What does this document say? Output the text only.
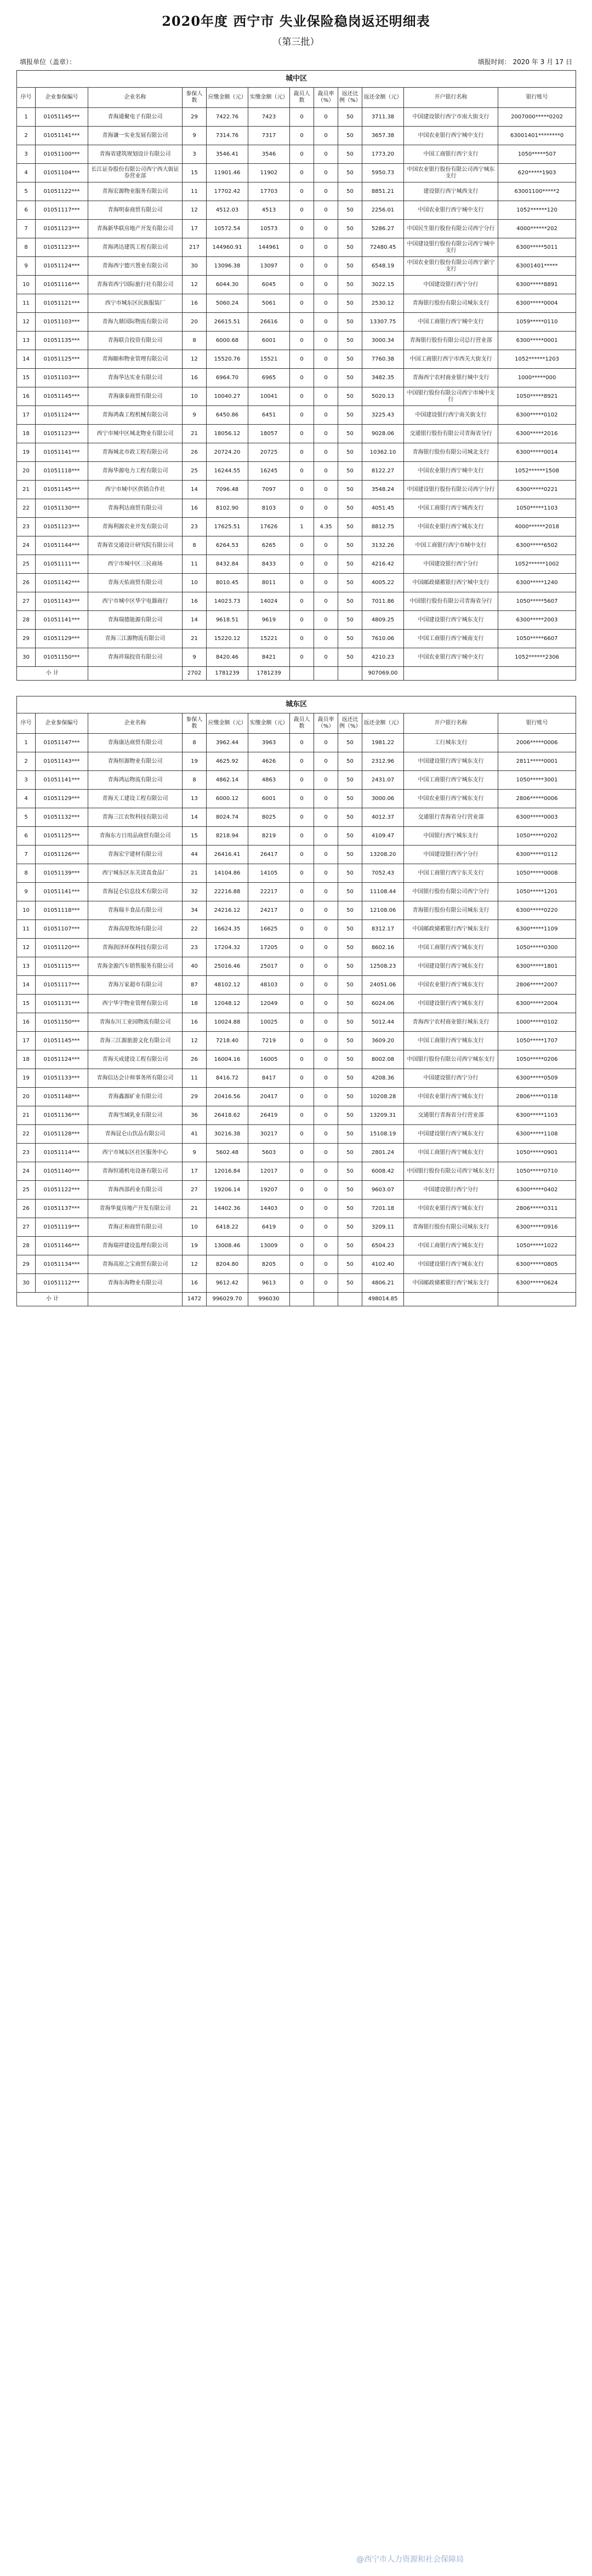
2020年度 西宁市 失业保险稳岗返还明细表
（第三批）
填报单位（盖章）：	填报时间： 2020 年 3 月 17 日
城中区											
序号	企业参保编号	企业名称	参保人数	应缴金额（元）	实缴金额（元）	裁员人数	裁员率（%）	返还比例（%）	返还金额（元）	开户银行名称	银行账号
1	01051145***	青海通聚电子有限公司	29	7422.76	7423	0	0	50	3711.38	中国建设银行西宁市南大街支行	2007000*****0202
2	01051141***	青海谦一实业发展有限公司	9	7314.76	7317	0	0	50	3657.38	中国农业银行西宁城中支行	63001401********0
3	01051100***	青海省建筑规划设计有限公司	3	3546.41	3546	0	0	50	1773.20	中国工商银行西宁支行	1050*****507
4	01051104***	长江证券股份有限公司西宁西大街证券营业部	15	11901.46	11902	0	0	50	5950.73	中国农业银行股份有限公司西宁城东支行	620*****1903
5	01051122***	青海宏源物业服务有限公司	11	17702.42	17703	0	0	50	8851.21	建设银行西宁城西支行	63001100*****2
6	01051117***	青海明泰商贸有限公司	12	4512.03	4513	0	0	50	2256.01	中国农业银行西宁城中支行	1052******120
7	01051123***	青海新华联房地产开发有限公司	17	10572.54	10573	0	0	50	5286.27	中国民生银行股份有限公司西宁分行	4000******202
8	01051123***	青海鸿达建筑工程有限公司	217	144960.91	144961	0	0	50	72480.45	中国建设银行股份有限公司西宁城中支行	6300*****5011
9	01051124***	青海西宁德兴置业有限公司	30	13096.38	13097	0	0	50	6548.19	中国农业银行股份有限公司西宁新宁支行	63001401*****
10	01051116***	青海省西宁国际旅行社有限公司	12	6044.30	6045	0	0	50	3022.15	中国建设银行西宁分行	6300*****8891
11	01051121***	西宁市城东区民族服装厂	16	5060.24	5061	0	0	50	2530.12	青海银行股份有限公司城东支行	6300*****0004
12	01051103***	青海九鼎国际物流有限公司	20	26615.51	26616	0	0	50	13307.75	中国工商银行西宁城中支行	1059*****0110
13	01051135***	青海联合投资有限公司	8	6000.68	6001	0	0	50	3000.34	青海银行股份有限公司总行营业部	6300*****0001
14	01051125***	青海颐和物业管理有限公司	12	15520.76	15521	0	0	50	7760.38	中国工商银行西宁市西关大街支行	1052******1203
15	01051103***	青海华达实业有限公司	16	6964.70	6965	0	0	50	3482.35	青海西宁农村商业银行城中支行	1000*****000
16	01051145***	青海康泰商贸有限公司	10	10040.27	10041	0	0	50	5020.13	中国银行股份有限公司西宁市城中支行	1050*****8921
17	01051124***	青海鸿森工程机械有限公司	9	6450.86	6451	0	0	50	3225.43	中国建设银行西宁南关街支行	6300*****0102
18	01051123***	西宁市城中区城北物业有限公司	21	18056.12	18057	0	0	50	9028.06	交通银行股份有限公司青海省分行	6300*****2016
19	01051141***	青海城北市政工程有限公司	26	20724.20	20725	0	0	50	10362.10	青海银行股份有限公司城北支行	6300*****0014
20	01051118***	青海华源电力工程有限公司	25	16244.55	16245	0	0	50	8122.27	中国农业银行西宁城中支行	1052******1508
21	01051145***	西宁市城中区供销合作社	14	7096.48	7097	0	0	50	3548.24	中国建设银行股份有限公司西宁分行	6300*****0221
22	01051130***	青海利达商贸有限公司	16	8102.90	8103	0	0	50	4051.45	中国工商银行西宁城西支行	1050*****1103
23	01051123***	青海利源农业开发有限公司	23	17625.51	17626	1	4.35	50	8812.75	中国农业银行西宁城东支行	4000******2018
24	01051144***	青海省交通设计研究院有限公司	8	6264.53	6265	0	0	50	3132.26	中国工商银行西宁市城中支行	6300*****6502
25	01051111***	西宁市城中区三民商场	11	8432.84	8433	0	0	50	4216.42	中国建设银行西宁分行	1052******1002
26	01051142***	青海天佑商贸有限公司	10	8010.45	8011	0	0	50	4005.22	中国邮政储蓄银行西宁城中支行	6300*****1240
27	01051143***	西宁市城中区华宇电器商行	16	14023.73	14024	0	0	50	7011.86	中国银行股份有限公司青海省分行	1050*****5607
28	01051141***	青海瑞德能源有限公司	14	9618.51	9619	0	0	50	4809.25	中国建设银行西宁城东支行	6300*****2003
29	01051129***	青海三江源物流有限公司	21	15220.12	15221	0	0	50	7610.06	中国工商银行西宁城南支行	1050*****6607
30	01051150***	青海祥瑞投资有限公司	9	8420.46	8421	0	0	50	4210.23	中国农业银行西宁城中支行	1052******2306
小 计			2702	1781239	1781239				907069.00		
城东区											
序号	企业参保编号	企业名称	参保人数	应缴金额（元）	实缴金额（元）	裁员人数	裁员率（%）	返还比例（%）	返还金额（元）	开户银行名称	银行账号
1	01051147***	青海康达商贸有限公司	8	3962.44	3963	0	0	50	1981.22	工行城东支行	2006*****0006
2	01051143***	青海恒源物业有限公司	19	4625.92	4626	0	0	50	2312.96	中国建设银行西宁城东支行	2811*****0001
3	01051141***	青海鸿运物流有限公司	8	4862.14	4863	0	0	50	2431.07	中国工商银行西宁城东支行	1050*****3001
4	01051129***	青海天工建设工程有限公司	13	6000.12	6001	0	0	50	3000.06	中国农业银行西宁城东支行	2806*****0006
5	01051132***	青海三江农牧科技有限公司	14	8024.74	8025	0	0	50	4012.37	交通银行青海省分行营业部	6300*****0003
6	01051125***	青海东方日用品商贸有限公司	15	8218.94	8219	0	0	50	4109.47	中国银行西宁城东支行	1050*****0202
7	01051126***	青海宏宇建材有限公司	44	26416.41	26417	0	0	50	13208.20	中国建设银行西宁分行	6300*****0112
8	01051139***	西宁城东区东关清真食品厂	21	14104.86	14105	0	0	50	7052.43	中国工商银行西宁东关支行	1050*****0008
9	01051141***	青海昆仑信息技术有限公司	32	22216.88	22217	0	0	50	11108.44	中国银行股份有限公司西宁分行	1050*****1201
10	01051118***	青海瑞丰食品有限公司	34	24216.12	24217	0	0	50	12108.06	青海银行股份有限公司城东支行	6300*****0220
11	01051107***	青海高原牧场有限公司	22	16624.35	16625	0	0	50	8312.17	中国邮政储蓄银行西宁城东支行	6300*****1109
12	01051120***	青海润泽环保科技有限公司	23	17204.32	17205	0	0	50	8602.16	中国工商银行西宁城东支行	1050*****0300
13	01051115***	青海金源汽车销售服务有限公司	40	25016.46	25017	0	0	50	12508.23	中国建设银行西宁城东支行	6300*****1801
14	01051117***	青海万家超市有限公司	87	48102.12	48103	0	0	50	24051.06	中国农业银行西宁城东支行	2806*****2007
15	01051131***	西宁华宇物业管理有限公司	18	12048.12	12049	0	0	50	6024.06	中国建设银行西宁城东支行	6300*****2004
16	01051150***	青海东川工业园物流有限公司	16	10024.88	10025	0	0	50	5012.44	青海西宁农村商业银行城东支行	1000*****0102
17	01051145***	青海三江源旅游文化有限公司	12	7218.40	7219	0	0	50	3609.20	中国工商银行西宁城东支行	1050*****1707
18	01051124***	青海天成建设工程有限公司	26	16004.16	16005	0	0	50	8002.08	中国银行股份有限公司西宁城东支行	1050*****0206
19	01051133***	青海信达会计师事务所有限公司	11	8416.72	8417	0	0	50	4208.36	中国建设银行西宁分行	6300*****0509
20	01051148***	青海鑫源矿业有限公司	29	20416.56	20417	0	0	50	10208.28	中国农业银行西宁城东支行	2806*****0118
21	01051136***	青海雪域乳业有限公司	36	26418.62	26419	0	0	50	13209.31	交通银行青海省分行营业部	6300*****1103
22	01051128***	青海昆仑山饮品有限公司	41	30216.38	30217	0	0	50	15108.19	中国建设银行西宁城东支行	6300*****1108
23	01051114***	西宁市城东区社区服务中心	9	5602.48	5603	0	0	50	2801.24	中国工商银行西宁城东支行	1050*****0901
24	01051140***	青海恒通机电设备有限公司	17	12016.84	12017	0	0	50	6008.42	中国银行股份有限公司西宁城东支行	1050*****0710
25	01051122***	青海西部药业有限公司	27	19206.14	19207	0	0	50	9603.07	中国建设银行西宁分行	6300*****0402
26	01051137***	青海华夏房地产开发有限公司	21	14402.36	14403	0	0	50	7201.18	中国农业银行西宁城东支行	2806*****0311
27	01051119***	青海正和商贸有限公司	10	6418.22	6419	0	0	50	3209.11	青海银行股份有限公司城东支行	6300*****0916
28	01051146***	青海瑞祥建设监理有限公司	19	13008.46	13009	0	0	50	6504.23	中国工商银行西宁城东支行	1050*****1022
29	01051134***	青海高原之宝商贸有限公司	12	8204.80	8205	0	0	50	4102.40	中国建设银行西宁城东支行	6300*****0805
30	01051112***	青海东海物业有限公司	16	9612.42	9613	0	0	50	4806.21	中国邮政储蓄银行西宁城东支行	6300*****0624
小 计			1472	996029.70	996030				498014.85		
@西宁市人力资源和社会保障局
